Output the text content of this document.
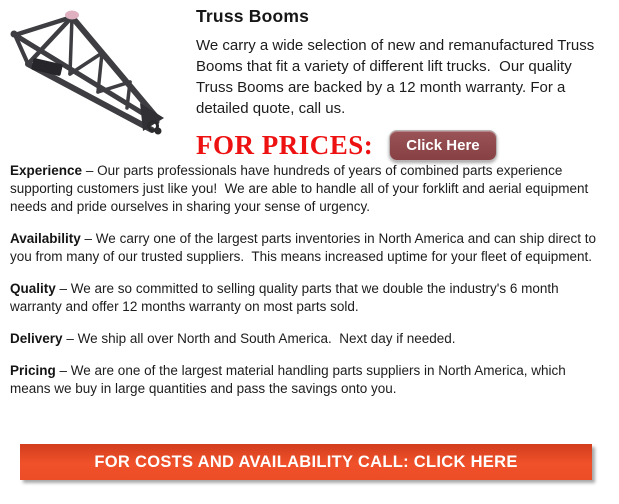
Truss Booms

We carry a wide selection of new and remanufactured Truss Booms that fit a variety of different lift trucks.  Our quality Truss Booms are backed by a 12 month warranty. For a detailed quote, call us.

FOR PRICES:	Click Here

Experience – Our parts professionals have hundreds of years of combined parts experience supporting customers just like you!  We are able to handle all of your forklift and aerial equipment needs and pride ourselves in sharing your sense of urgency.

Availability – We carry one of the largest parts inventories in North America and can ship direct to you from many of our trusted suppliers.  This means increased uptime for your fleet of equipment.

Quality – We are so committed to selling quality parts that we double the industry's 6 month warranty and offer 12 months warranty on most parts sold.

Delivery – We ship all over North and South America.  Next day if needed.

Pricing – We are one of the largest material handling parts suppliers in North America, which means we buy in large quantities and pass the savings onto you.

FOR COSTS AND AVAILABILITY CALL: CLICK HERE
